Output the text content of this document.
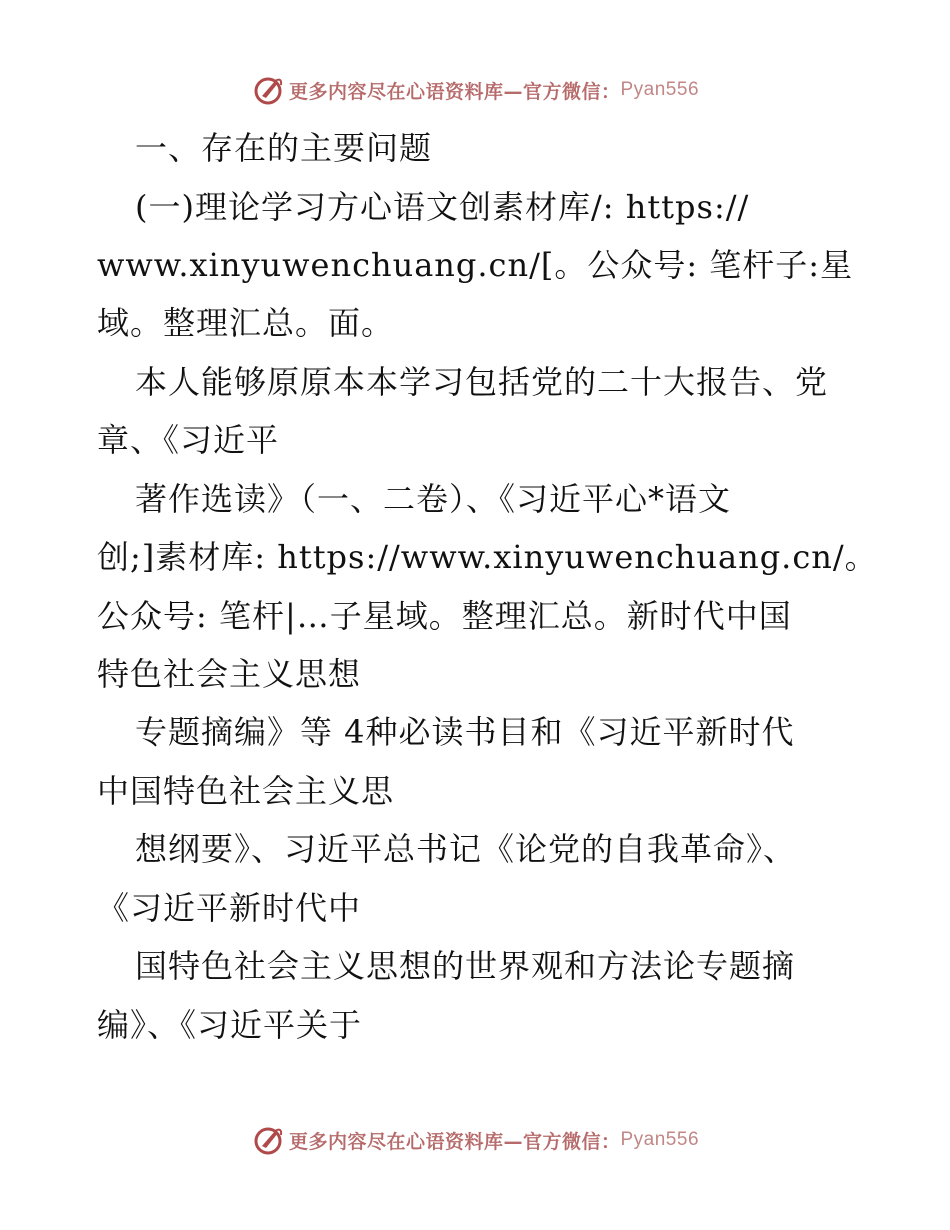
更多内容尽在心语资料库—官方微信： Pyan556
一、存在的主要问题
(一)理论学习方心语文创素材库/: https://
www.xinyuwenchuang.cn/[。公众号: 笔杆子:星
域。整理汇总。面。
本人能够原原本本学习包括党的二十大报告、党
章、《习近平
著作选读》（一、二卷）、《习近平心*语文
创;]素材库: https://www.xinyuwenchuang.cn/。
公众号: 笔杆|…子星域。整理汇总。新时代中国
特色社会主义思想
专题摘编》等 4种必读书目和《习近平新时代
中国特色社会主义思
想纲要》、习近平总书记《论党的自我革命》、
《习近平新时代中
国特色社会主义思想的世界观和方法论专题摘
编》、《习近平关于
更多内容尽在心语资料库—官方微信： Pyan556
